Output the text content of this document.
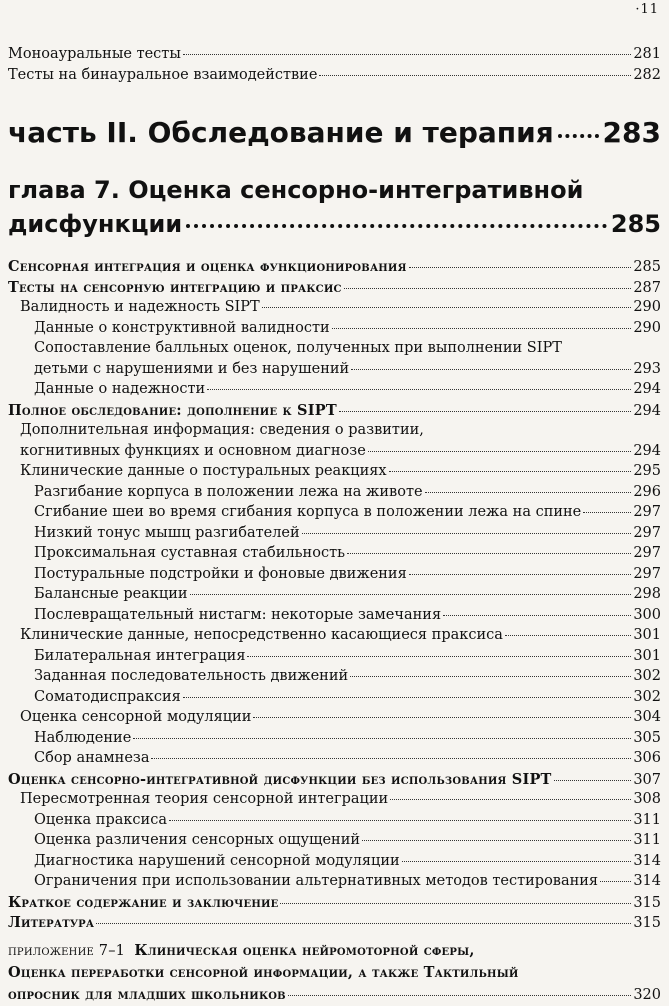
·11
Моноауральные тесты	281
Тесты на бинауральное взаимодействие	282
часть II. Обследование и терапия 283
глава 7. Оценка сенсорно-интегративной
дисфункции	285
Сенсорная интеграция и оценка функционирования	285
Тесты на сенсорную интеграцию и праксис	287
Валидность и надежность SIPT	290
Данные о конструктивной валидности	290
Сопоставление балльных оценок, полученных при выполнении SIPT
детьми с нарушениями и без нарушений	293
Данные о надежности	294
Полное обследование: дополнение к SIPT	294
Дополнительная информация: сведения о развитии,
когнитивных функциях и основном диагнозе	294
Клинические данные о постуральных реакциях	295
Разгибание корпуса в положении лежа на животе	296
Сгибание шеи во время сгибания корпуса в положении лежа на спине	297
Низкий тонус мышц разгибателей	297
Проксимальная суставная стабильность	297
Постуральные подстройки и фоновые движения	297
Балансные реакции	298
Послевращательный нистагм: некоторые замечания	300
Клинические данные, непосредственно касающиеся праксиса	301
Билатеральная интеграция	301
Заданная последовательность движений	302
Соматодиспраксия	302
Оценка сенсорной модуляции	304
Наблюдение	305
Сбор анамнеза	306
Оценка сенсорно-интегративной дисфункции без использования SIPT	307
Пересмотренная теория сенсорной интеграции	308
Оценка праксиса	311
Оценка различения сенсорных ощущений	311
Диагностика нарушений сенсорной модуляции	314
Ограничения при использовании альтернативных методов тестирования 314
Краткое содержание и заключение	315
Литература	315
приложение 7–1 Клиническая оценка нейромоторной сферы,
Оценка переработки сенсорной информации, а также Тактильный
опросник для младших школьников	320
